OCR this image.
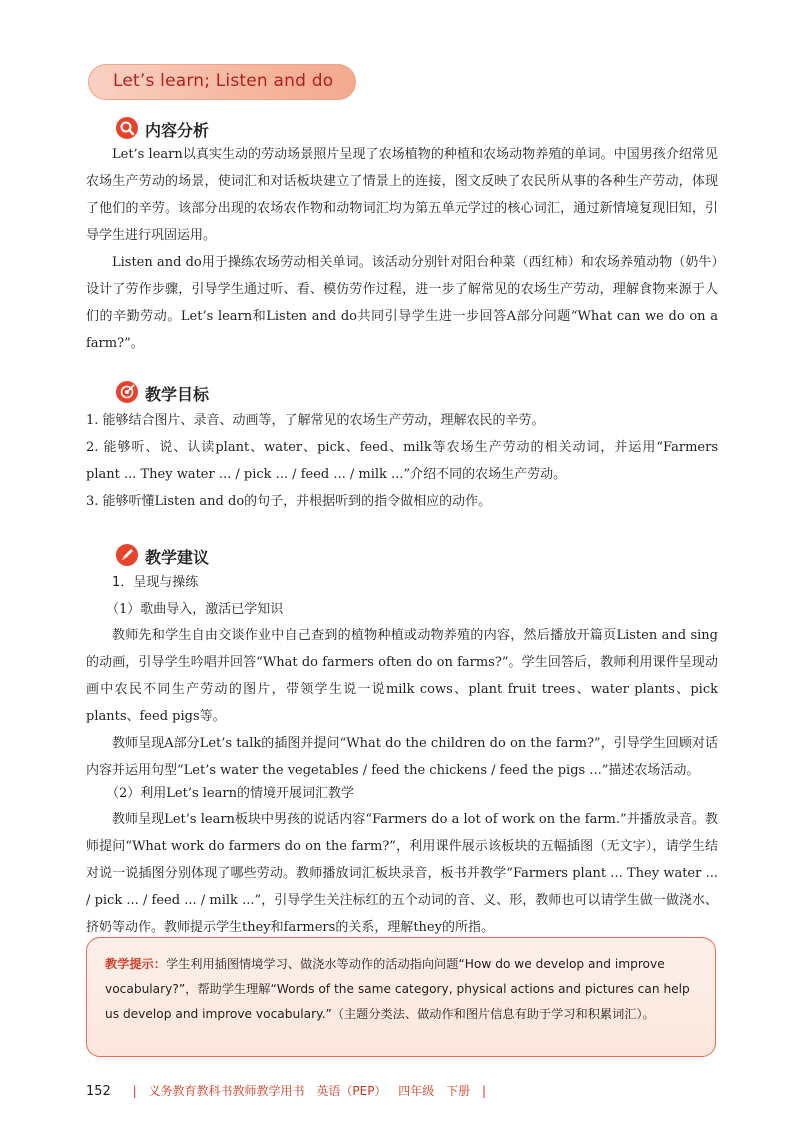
Let’s learn; Listen and do
内容分析

Let’s learn以真实生动的劳动场景照片呈现了农场植物的种植和农场动物养殖的单词。中国男孩介绍常见农场生产劳动的场景，使词汇和对话板块建立了情景上的连接，图文反映了农民所从事的各种生产劳动，体现了他们的辛劳。该部分出现的农场农作物和动物词汇均为第五单元学过的核心词汇，通过新情境复现旧知，引导学生进行巩固运用。

Listen and do用于操练农场劳动相关单词。该活动分别针对阳台种菜（西红柿）和农场养殖动物（奶牛）设计了劳作步骤，引导学生通过听、看、模仿劳作过程，进一步了解常见的农场生产劳动，理解食物来源于人们的辛勤劳动。Let’s learn和Listen and do共同引导学生进一步回答A部分问题“What can we do on a farm?”。

教学目标

1. 能够结合图片、录音、动画等，了解常见的农场生产劳动，理解农民的辛劳。

2. 能够听、说、认读plant、water、pick、feed、milk等农场生产劳动的相关动词，并运用“Farmers plant ... They water ... / pick ... / feed ... / milk ...”介绍不同的农场生产劳动。

3. 能够听懂Listen and do的句子，并根据听到的指令做相应的动作。

教学建议
1．呈现与操练
（1）歌曲导入，激活已学知识

教师先和学生自由交谈作业中自己查到的植物种植或动物养殖的内容，然后播放开篇页Listen and sing的动画，引导学生吟唱并回答“What do farmers often do on farms?”。学生回答后，教师利用课件呈现动画中农民不同生产劳动的图片，带领学生说一说milk cows、plant fruit trees、water plants、pick plants、feed pigs等。

教师呈现A部分Let’s talk的插图并提问“What do the children do on the farm?”，引导学生回顾对话内容并运用句型“Let’s water the vegetables / feed the chickens / feed the pigs ...”描述农场活动。

（2）利用Let’s learn的情境开展词汇教学

教师呈现Let’s learn板块中男孩的说话内容“Farmers do a lot of work on the farm.”并播放录音。教师提问“What work do farmers do on the farm?”，利用课件展示该板块的五幅插图（无文字），请学生结对说一说插图分别体现了哪些劳动。教师播放词汇板块录音，板书并教学“Farmers plant ... They water ... / pick ... / feed ... / milk ...”，引导学生关注标红的五个动词的音、义、形，教师也可以请学生做一做浇水、挤奶等动作。教师提示学生they和farmers的关系，理解they的所指。

教学提示：学生利用插图情境学习、做浇水等动作的活动指向问题“How do we develop and improve vocabulary?”，帮助学生理解“Words of the same category, physical actions and pictures can help us develop and improve vocabulary.”（主题分类法、做动作和图片信息有助于学习和积累词汇）。
152 | 义务教育教科书教师教学用书 英语（PEP） 四年级 下册 |
